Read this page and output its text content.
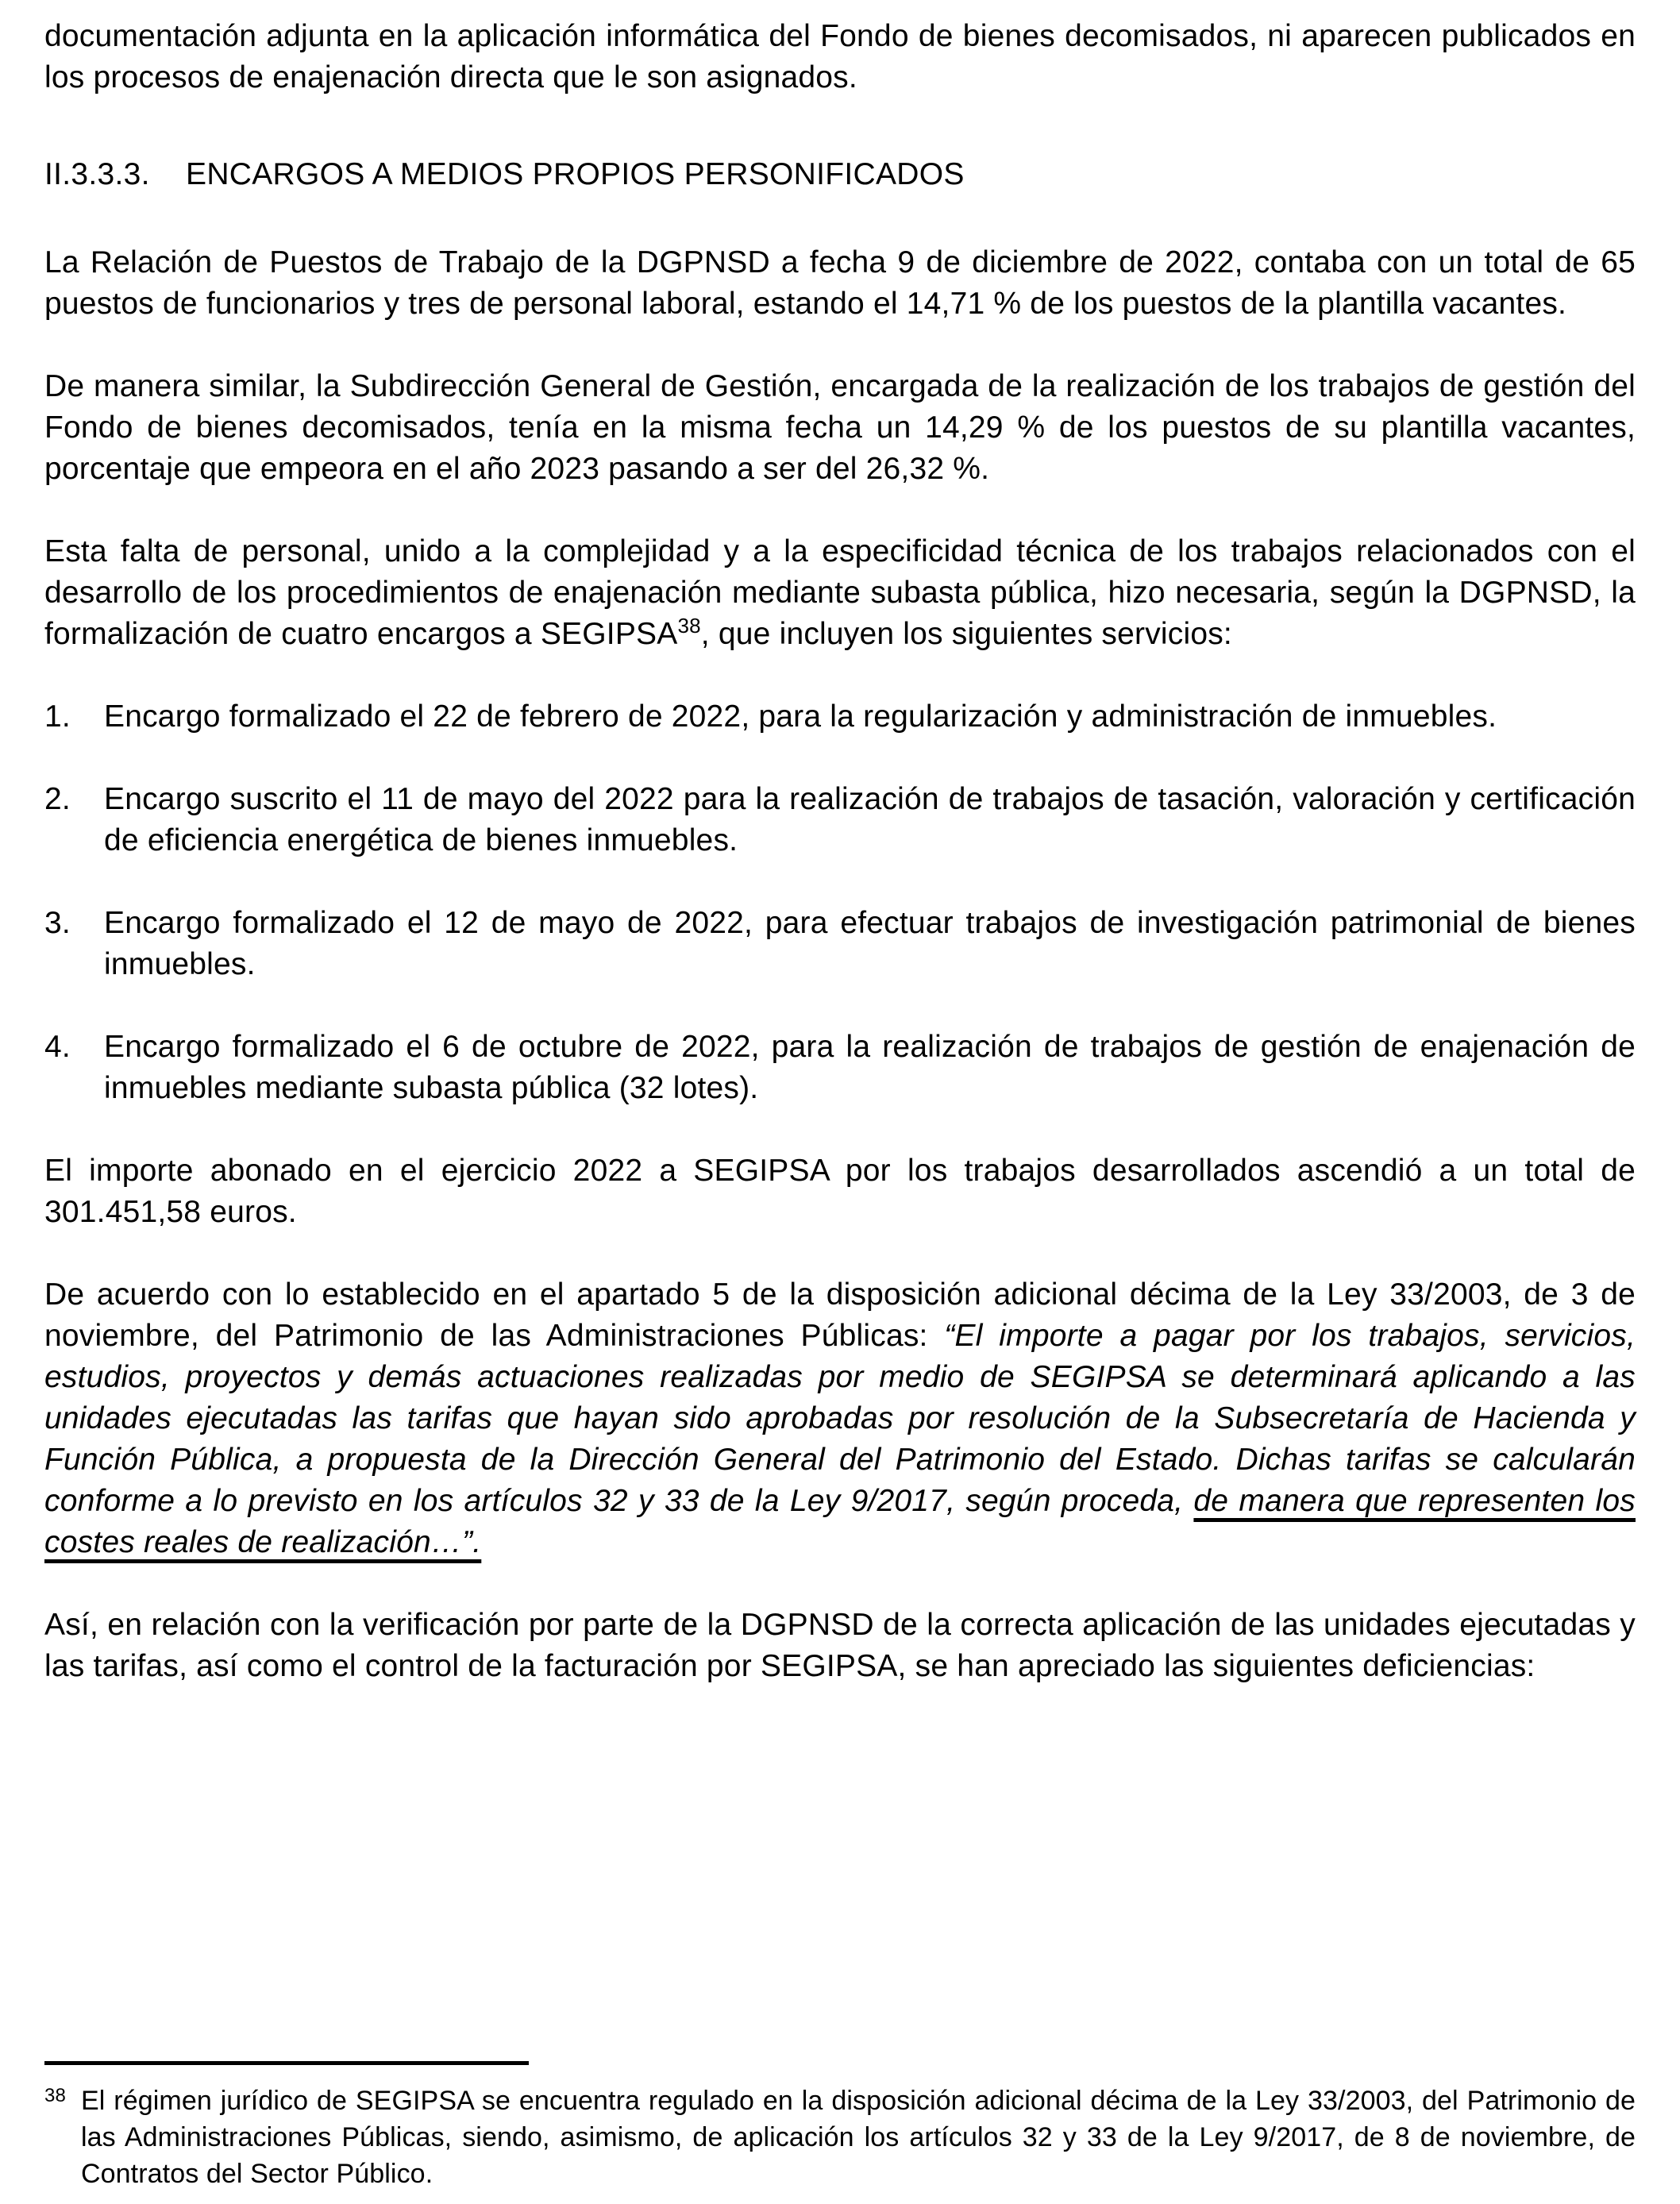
documentación adjunta en la aplicación informática del Fondo de bienes decomisados, ni aparecen publicados en los procesos de enajenación directa que le son asignados.

II.3.3.3. ENCARGOS A MEDIOS PROPIOS PERSONIFICADOS

La Relación de Puestos de Trabajo de la DGPNSD a fecha 9 de diciembre de 2022, contaba con un total de 65 puestos de funcionarios y tres de personal laboral, estando el 14,71 % de los puestos de la plantilla vacantes.

De manera similar, la Subdirección General de Gestión, encargada de la realización de los trabajos de gestión del Fondo de bienes decomisados, tenía en la misma fecha un 14,29 % de los puestos de su plantilla vacantes, porcentaje que empeora en el año 2023 pasando a ser del 26,32 %.

Esta falta de personal, unido a la complejidad y a la especificidad técnica de los trabajos relacionados con el desarrollo de los procedimientos de enajenación mediante subasta pública, hizo necesaria, según la DGPNSD, la formalización de cuatro encargos a SEGIPSA$^{38}$, que incluyen los siguientes servicios:

1. Encargo formalizado el 22 de febrero de 2022, para la regularización y administración de inmuebles.
2. Encargo suscrito el 11 de mayo del 2022 para la realización de trabajos de tasación, valoración y certificación de eficiencia energética de bienes inmuebles.
3. Encargo formalizado el 12 de mayo de 2022, para efectuar trabajos de investigación patrimonial de bienes inmuebles.
4. Encargo formalizado el 6 de octubre de 2022, para la realización de trabajos de gestión de enajenación de inmuebles mediante subasta pública (32 lotes).

El importe abonado en el ejercicio 2022 a SEGIPSA por los trabajos desarrollados ascendió a un total de 301.451,58 euros.

De acuerdo con lo establecido en el apartado 5 de la disposición adicional décima de la Ley 33/2003, de 3 de noviembre, del Patrimonio de las Administraciones Públicas: “El importe a pagar por los trabajos, servicios, estudios, proyectos y demás actuaciones realizadas por medio de SEGIPSA se determinará aplicando a las unidades ejecutadas las tarifas que hayan sido aprobadas por resolución de la Subsecretaría de Hacienda y Función Pública, a propuesta de la Dirección General del Patrimonio del Estado. Dichas tarifas se calcularán conforme a lo previsto en los artículos 32 y 33 de la Ley 9/2017, según proceda, de manera que representen los costes reales de realización…”.

Así, en relación con la verificación por parte de la DGPNSD de la correcta aplicación de las unidades ejecutadas y las tarifas, así como el control de la facturación por SEGIPSA, se han apreciado las siguientes deficiencias:

38 El régimen jurídico de SEGIPSA se encuentra regulado en la disposición adicional décima de la Ley 33/2003, del Patrimonio de las Administraciones Públicas, siendo, asimismo, de aplicación los artículos 32 y 33 de la Ley 9/2017, de 8 de noviembre, de Contratos del Sector Público.
